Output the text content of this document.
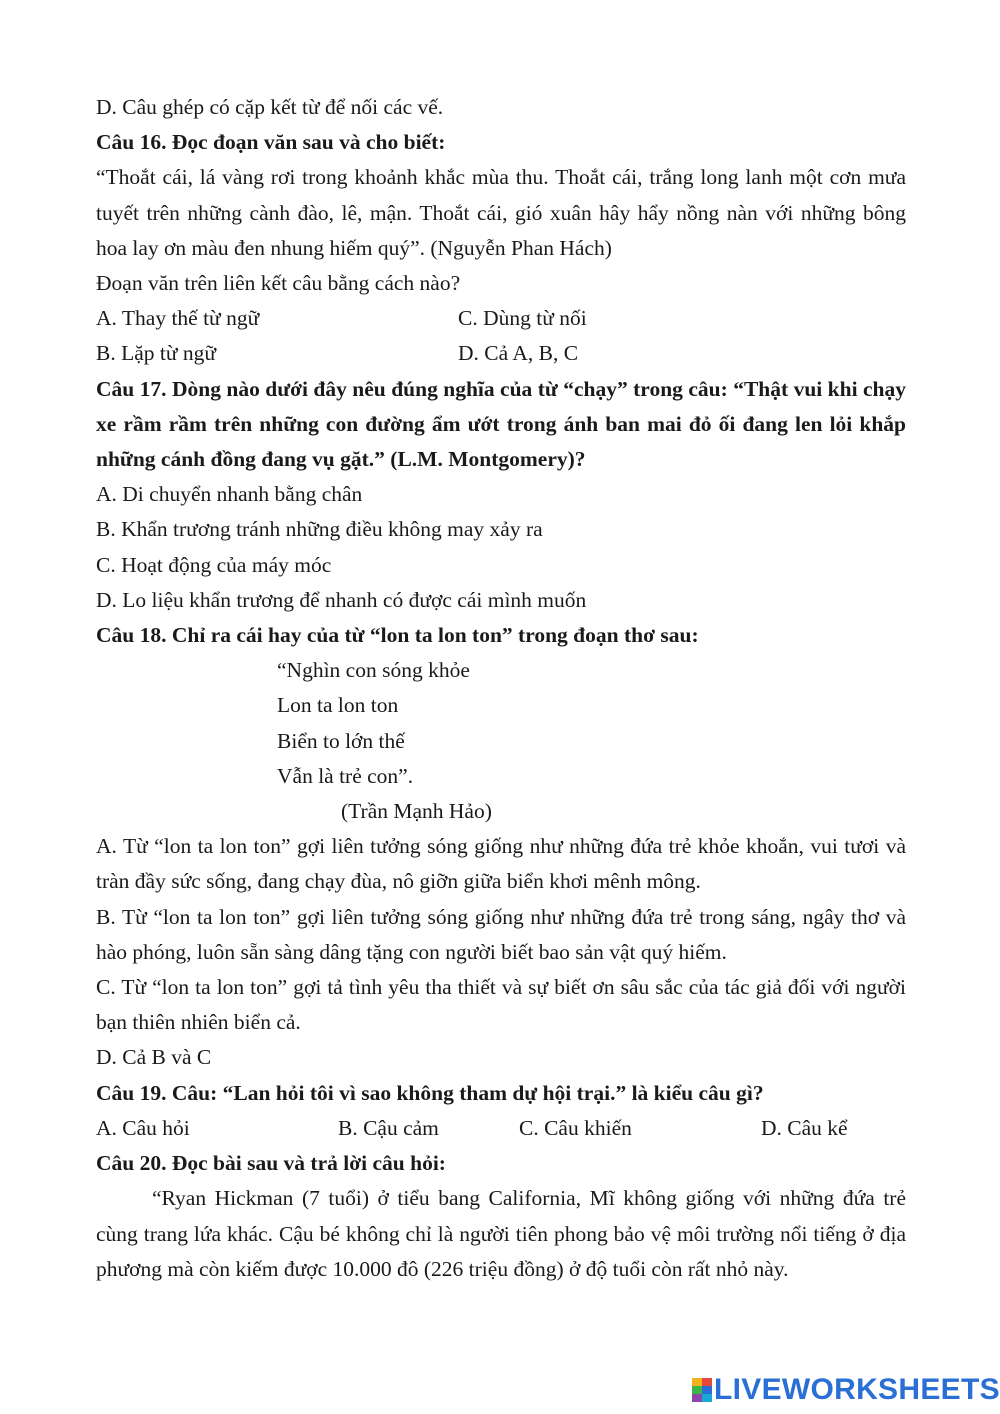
D. Câu ghép có cặp kết từ để nối các vế.
Câu 16. Đọc đoạn văn sau và cho biết:
“Thoắt cái, lá vàng rơi trong khoảnh khắc mùa thu. Thoắt cái, trắng long lanh một cơn mưa tuyết trên những cành đào, lê, mận. Thoắt cái, gió xuân hây hẩy nồng nàn với những bông hoa lay ơn màu đen nhung hiếm quý”. (Nguyễn Phan Hách)
Đoạn văn trên liên kết câu bằng cách nào?
A. Thay thế từ ngữ	C. Dùng từ nối
B. Lặp từ ngữ	D. Cả A, B, C
Câu 17. Dòng nào dưới đây nêu đúng nghĩa của từ “chạy” trong câu: “Thật vui khi chạy xe rầm rầm trên những con đường ẩm ướt trong ánh ban mai đỏ ối đang len lỏi khắp những cánh đồng đang vụ gặt.” (L.M. Montgomery)?
A. Di chuyển nhanh bằng chân
B. Khẩn trương tránh những điều không may xảy ra
C. Hoạt động của máy móc
D. Lo liệu khẩn trương để nhanh có được cái mình muốn
Câu 18. Chỉ ra cái hay của từ “lon ta lon ton” trong đoạn thơ sau:
“Nghìn con sóng khỏe
Lon ta lon ton
Biển to lớn thế
Vẫn là trẻ con”.
(Trần Mạnh Hảo)
A. Từ “lon ta lon ton” gợi liên tưởng sóng giống như những đứa trẻ khỏe khoắn, vui tươi và tràn đầy sức sống, đang chạy đùa, nô giỡn giữa biển khơi mênh mông.
B. Từ “lon ta lon ton” gợi liên tưởng sóng giống như những đứa trẻ trong sáng, ngây thơ và hào phóng, luôn sẵn sàng dâng tặng con người biết bao sản vật quý hiếm.
C. Từ “lon ta lon ton” gợi tả tình yêu tha thiết và sự biết ơn sâu sắc của tác giả đối với người bạn thiên nhiên biển cả.
D. Cả B và C
Câu 19. Câu: “Lan hỏi tôi vì sao không tham dự hội trại.” là kiểu câu gì?
A. Câu hỏi	B. Cậu cảm	C. Câu khiến	D. Câu kể
Câu 20. Đọc bài sau và trả lời câu hỏi:
“Ryan Hickman (7 tuổi) ở tiểu bang California, Mĩ không giống với những đứa trẻ cùng trang lứa khác. Cậu bé không chỉ là người tiên phong bảo vệ môi trường nổi tiếng ở địa phương mà còn kiếm được 10.000 đô (226 triệu đồng) ở độ tuổi còn rất nhỏ này.
LIVEWORKSHEETS
